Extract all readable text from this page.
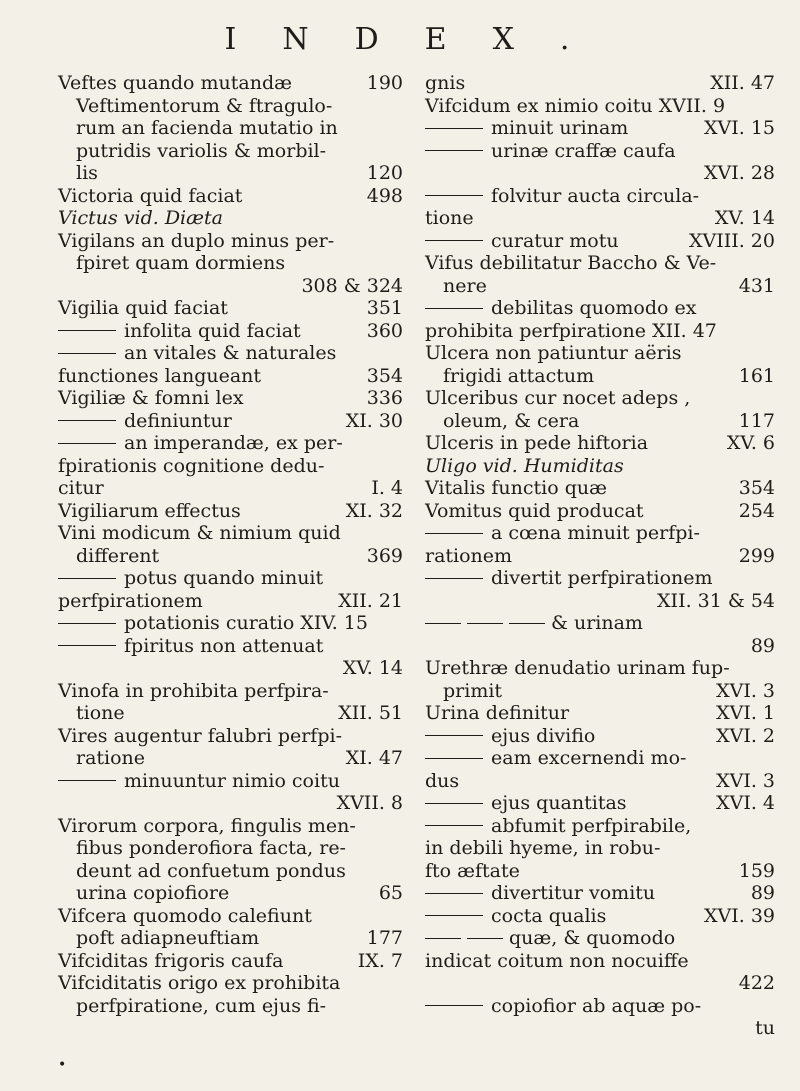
INDEX.
Veftes quando mutandæ	190
Veftimentorum & ftragulo-
rum an facienda mutatio in
putridis variolis & morbil-
lis	120
Victoria quid faciat	498
Victus vid. Diæta
Vigilans an duplo minus per-
fpiret quam dormiens
308 & 324
Vigilia quid faciat	351
infolita quid faciat	360
an vitales & naturales
functiones langueant	354
Vigiliæ & fomni lex	336
definiuntur	XI. 30
an imperandæ, ex per-
fpirationis cognitione dedu-
citur	I. 4
Vigiliarum effectus	XI. 32
Vini modicum & nimium quid
different	369
potus quando minuit
perfpirationem	XII. 21
potationis curatio XIV. 15
fpiritus non attenuat
XV. 14
Vinofa in prohibita perfpira-
tione	XII. 51
Vires augentur falubri perfpi-
ratione	XI. 47
minuuntur nimio coitu
XVII. 8
Virorum corpora, fingulis men-
fibus ponderofiora facta, re-
deunt ad confuetum pondus
urina copiofiore	65
Vifcera quomodo calefiunt
poft adiapneuftiam	177
Vifciditas frigoris caufa	IX. 7
Vifciditatis origo ex prohibita
perfpiratione, cum ejus fi-
gnis	XII. 47
Vifcidum ex nimio coitu XVII. 9
minuit urinam	XVI. 15
urinæ craffæ caufa
XVI. 28
folvitur aucta circula-
tione	XV. 14
curatur motu	XVIII. 20
Vifus debilitatur Baccho & Ve-
nere	431
debilitas quomodo ex
prohibita perfpiratione XII. 47
Ulcera non patiuntur aëris
frigidi attactum	161
Ulceribus cur nocet adeps ,
oleum, & cera	117
Ulceris in pede hiftoria	XV. 6
Uligo vid. Humiditas
Vitalis functio quæ	354
Vomitus quid producat	254
a cœna minuit perfpi-
rationem	299
divertit perfpirationem
XII. 31 & 54
& urinam
89
Urethræ denudatio urinam fup-
primit	XVI. 3
Urina definitur	XVI. 1
ejus divifio	XVI. 2
eam excernendi mo-
dus	XVI. 3
ejus quantitas	XVI. 4
abfumit perfpirabile,
in debili hyeme, in robu-
fto æftate	159
divertitur vomitu	89
cocta qualis	XVI. 39
quæ, & quomodo
indicat coitum non nocuiffe
422
copiofior ab aquæ po-
tu
•
